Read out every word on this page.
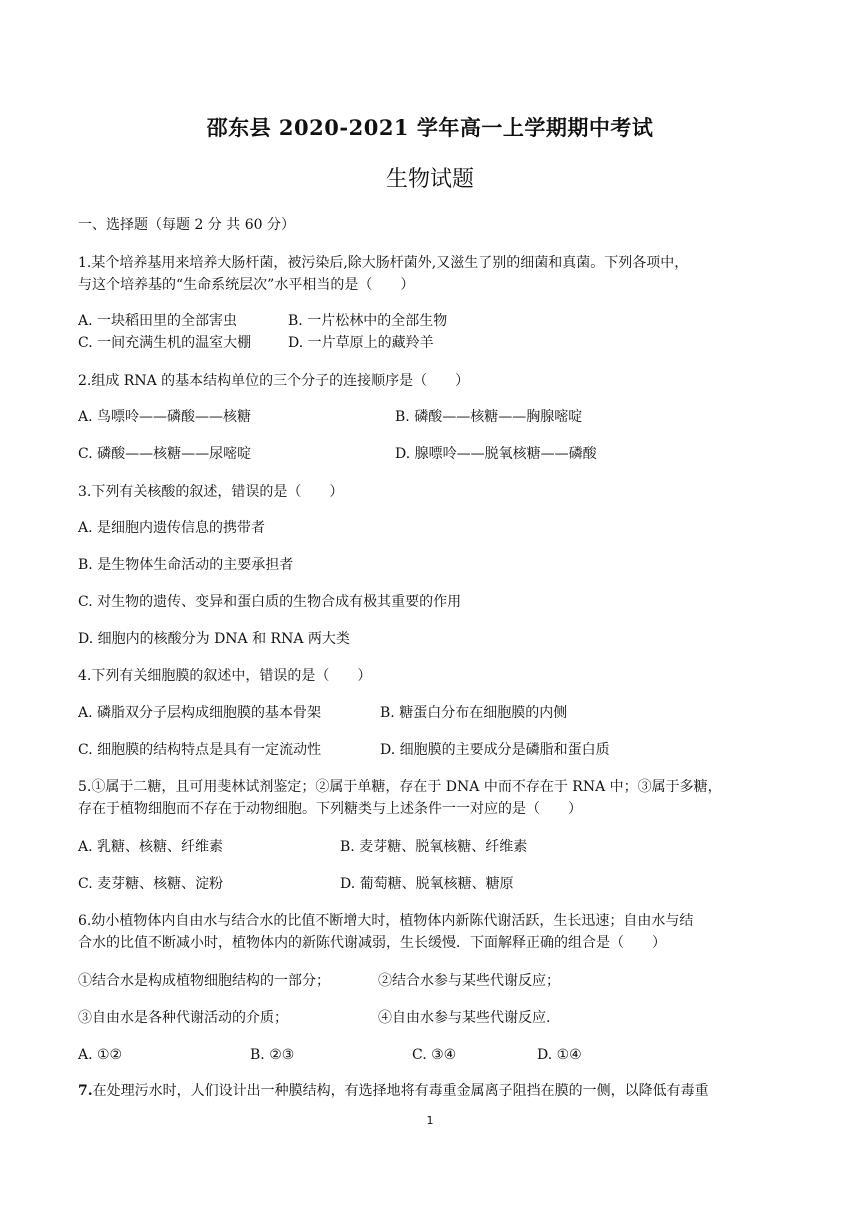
邵东县 2020-2021 学年高一上学期期中考试
生物试题
一、选择题（每题 2 分 共 60 分）
1.某个培养基用来培养大肠杆菌，被污染后,除大肠杆菌外,又滋生了别的细菌和真菌。下列各项中，
与这个培养基的“生命系统层次”水平相当的是（　　）
A. 一块稻田里的全部害虫	B. 一片松林中的全部生物
C. 一间充满生机的温室大棚	D. 一片草原上的藏羚羊
2.组成 RNA 的基本结构单位的三个分子的连接顺序是（　　）
A. 鸟嘌呤——磷酸——核糖	B. 磷酸——核糖——胸腺嘧啶
C. 磷酸——核糖——尿嘧啶	D. 腺嘌呤——脱氧核糖——磷酸
3.下列有关核酸的叙述，错误的是（　　）
A. 是细胞内遗传信息的携带者
B. 是生物体生命活动的主要承担者
C. 对生物的遗传、变异和蛋白质的生物合成有极其重要的作用
D. 细胞内的核酸分为 DNA 和 RNA 两大类
4.下列有关细胞膜的叙述中，错误的是（　　）
A. 磷脂双分子层构成细胞膜的基本骨架	B. 糖蛋白分布在细胞膜的内侧
C. 细胞膜的结构特点是具有一定流动性	D. 细胞膜的主要成分是磷脂和蛋白质
5.①属于二糖，且可用斐林试剂鉴定；②属于单糖，存在于 DNA 中而不存在于 RNA 中；③属于多糖，
存在于植物细胞而不存在于动物细胞。下列糖类与上述条件一一对应的是（　　）
A. 乳糖、核糖、纤维素	B. 麦芽糖、脱氧核糖、纤维素
C. 麦芽糖、核糖、淀粉	D. 葡萄糖、脱氧核糖、糖原
6.幼小植物体内自由水与结合水的比值不断增大时，植物体内新陈代谢活跃，生长迅速；自由水与结
合水的比值不断减小时，植物体内的新陈代谢减弱，生长缓慢．下面解释正确的组合是（　　）
①结合水是构成植物细胞结构的一部分；	②结合水参与某些代谢反应；
③自由水是各种代谢活动的介质；	④自由水参与某些代谢反应.
A. ①②	B. ②③	C. ③④	D. ①④
7.在处理污水时，人们设计出一种膜结构，有选择地将有毒重金属离子阻挡在膜的一侧，以降低有毒重
1
